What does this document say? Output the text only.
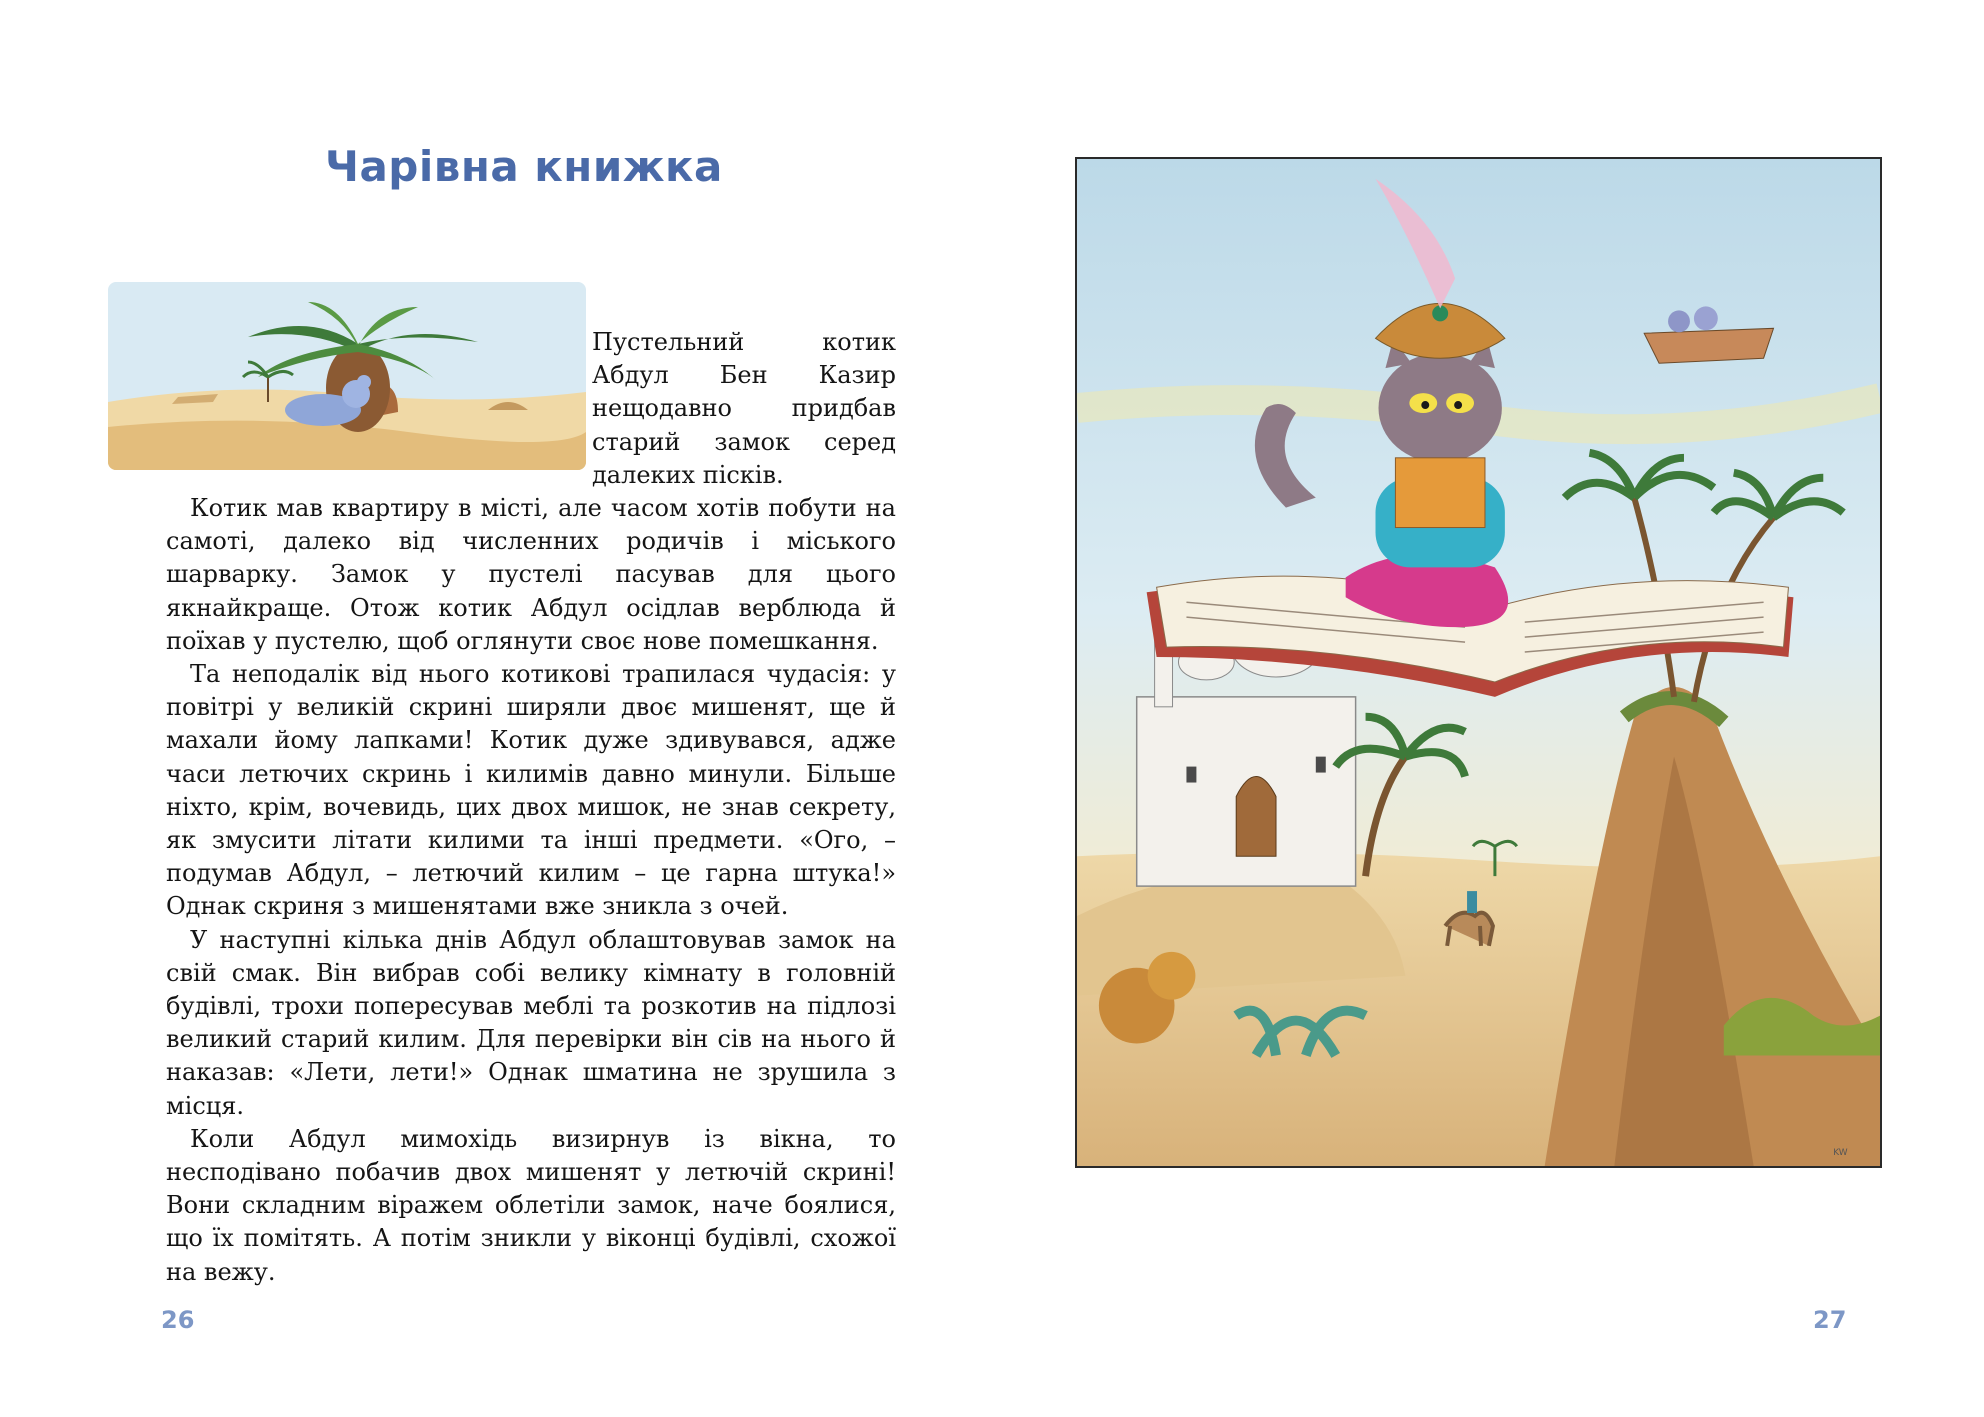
Чарівна книжка

Пустельний котик Абдул Бен Казир нещодавно придбав старий замок серед далеких пісків.

Котик мав квартиру в місті, але часом хотів побути на самоті, далеко від численних родичів і міського шарварку. Замок у пустелі пасував для цього якнайкраще. Отож котик Абдул осідлав верблюда й поїхав у пустелю, щоб оглянути своє нове помешкання.

Та неподалік від нього котикові трапилася чудасія: у повітрі у великій скрині ширяли двоє мишенят, ще й махали йому лапками! Котик дуже здивувався, адже часи летючих скринь і килимів давно минули. Більше ніхто, крім, вочевидь, цих двох мишок, не знав секрету, як змусити літати килими та інші предмети. «Ого, – подумав Абдул, – летючий килим – це гарна штука!» Однак скриня з мишенятами вже зникла з очей.

У наступні кілька днів Абдул облаштовував замок на свій смак. Він вибрав собі велику кімнату в головній будівлі, трохи попересував меблі та розкотив на підлозі великий старий килим. Для перевірки він сів на нього й наказав: «Лети, лети!» Однак шматина не зрушила з місця.

Коли Абдул мимохідь визирнув із вікна, то несподівано побачив двох мишенят у летючій скрині! Вони складним віражем облетіли замок, наче боялися, що їх помітять. А потім зникли у віконці будівлі, схожої на вежу.

26

KW

27
